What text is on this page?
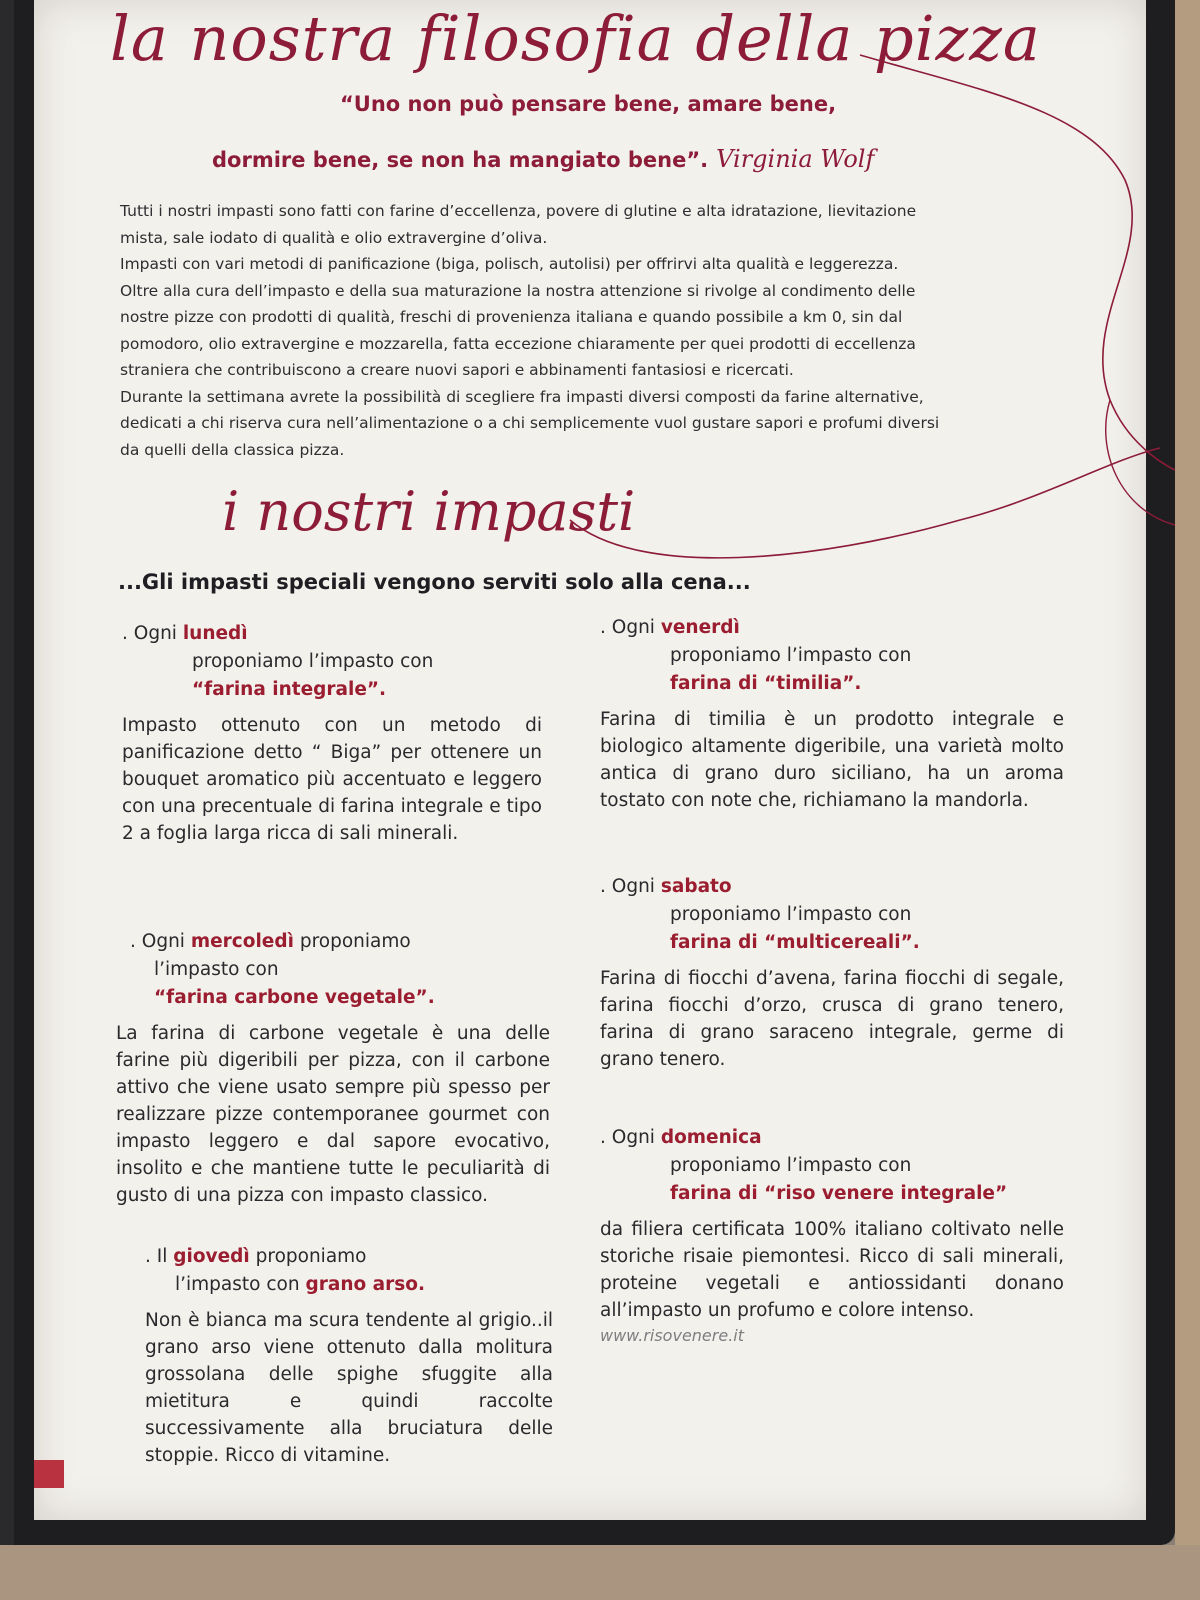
la nostra filosofia della pizza

“Uno non può pensare bene, amare bene,

dormire bene, se non ha mangiato bene”. Virginia Wolf

Tutti i nostri impasti sono fatti con farine d’eccellenza, povere di glutine e alta idratazione, lievitazione

mista, sale iodato di qualità e olio extravergine d’oliva.

Impasti con vari metodi di panificazione (biga, polisch, autolisi) per offrirvi alta qualità e leggerezza.

Oltre alla cura dell’impasto e della sua maturazione la nostra attenzione si rivolge al condimento delle

nostre pizze con prodotti di qualità, freschi di provenienza italiana e quando possibile a km 0, sin dal

pomodoro, olio extravergine e mozzarella, fatta eccezione chiaramente per quei prodotti di eccellenza

straniera che contribuiscono a creare nuovi sapori e abbinamenti fantasiosi e ricercati.

Durante la settimana avrete la possibilità di scegliere fra impasti diversi composti da farine alternative,

dedicati a chi riserva cura nell’alimentazione o a chi semplicemente vuol gustare sapori e profumi diversi

da quelli della classica pizza.

i nostri impasti

...Gli impasti speciali vengono serviti solo alla cena...

. Ogni lunedì
proponiamo l’impasto con
“farina integrale”.
Impasto ottenuto con un metodo di panificazione detto “ Biga” per ottenere un bouquet aromatico più accentuato e leggero con una precentuale di farina integrale e tipo 2 a foglia larga ricca di sali minerali.
. Ogni venerdì
proponiamo l’impasto con
farina di “timilia”.
Farina di timilia è un prodotto integrale e biologico altamente digeribile, una varietà molto antica di grano duro siciliano, ha un aroma tostato con note che, richiamano la mandorla.
. Ogni sabato
proponiamo l’impasto con
farina di “multicereali”.
Farina di fiocchi d’avena, farina fiocchi di segale, farina fiocchi d’orzo, crusca di grano tenero, farina di grano saraceno integrale, germe di grano tenero.
. Ogni mercoledì proponiamo
l’impasto con
“farina carbone vegetale”.
La farina di carbone vegetale è una delle farine più digeribili per pizza, con il carbone attivo che viene usato sempre più spesso per realizzare pizze contemporanee gourmet con impasto leggero e dal sapore evocativo, insolito e che mantiene tutte le peculiarità di gusto di una pizza con impasto classico.
. Ogni domenica
proponiamo l’impasto con
farina di “riso venere integrale”
da filiera certificata 100% italiano coltivato nelle storiche risaie piemontesi. Ricco di sali minerali, proteine vegetali e antiossidanti donano all’impasto un profumo e colore intenso.
www.risovenere.it
. Il giovedì proponiamo
l’impasto con grano arso.
Non è bianca ma scura tendente al grigio..il grano arso viene ottenuto dalla molitura grossolana delle spighe sfuggite alla mietitura e quindi raccolte successivamente alla bruciatura delle stoppie. Ricco di vitamine.
